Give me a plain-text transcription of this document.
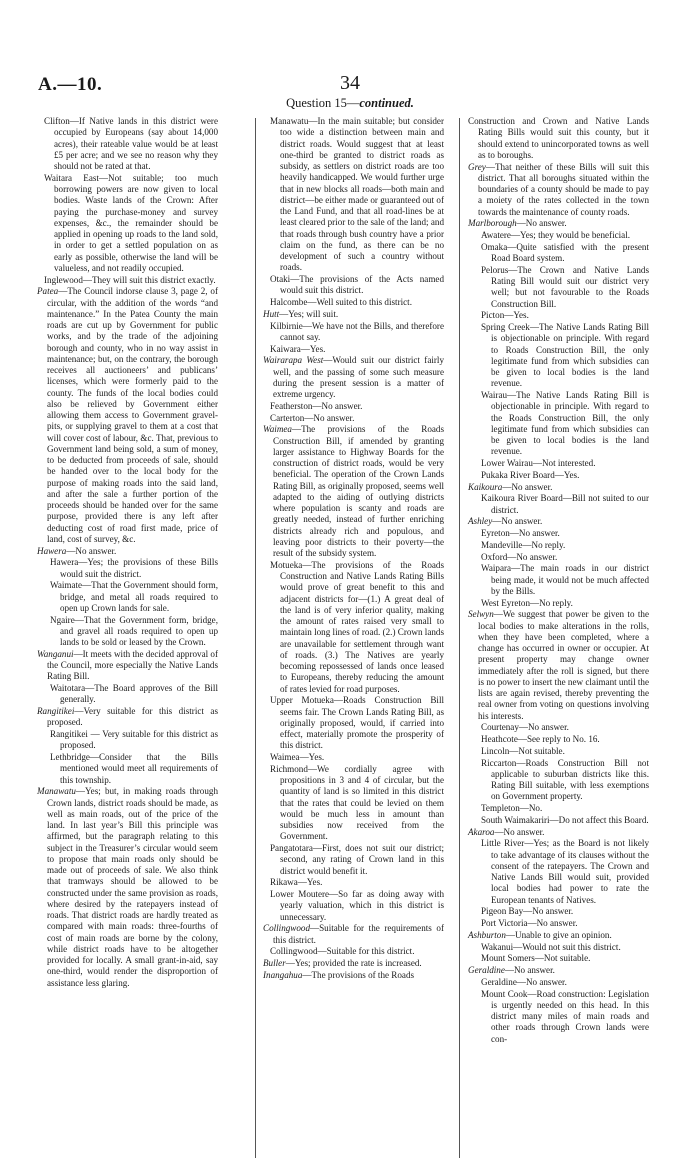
A.—10.	34
Question 15—continued.
Clifton—If Native lands in this district were occupied by Europeans (say about 14,000 acres), their rateable value would be at least £5 per acre; and we see no reason why they should not be rated at that.
Waitara East—Not suitable; too much borrowing powers are now given to local bodies. Waste lands of the Crown: After paying the purchase-money and survey expenses, &c., the remainder should be applied in opening up roads to the land sold, in order to get a settled population on as early as possible, otherwise the land will be valueless, and not readily occupied.
Inglewood—They will suit this district exactly.
Patea—The Council indorse clause 3, page 2, of circular, with the addition of the words “and maintenance.” In the Patea County the main roads are cut up by Government for public works, and by the trade of the adjoining borough and county, who in no way assist in maintenance; but, on the contrary, the borough receives all auctioneers’ and publicans’ licenses, which were formerly paid to the county. The funds of the local bodies could also be relieved by Government either allowing them access to Government gravel-pits, or supplying gravel to them at a cost that will cover cost of labour, &c. That, previous to Government land being sold, a sum of money, to be deducted from proceeds of sale, should be handed over to the local body for the purpose of making roads into the said land, and after the sale a further portion of the proceeds should be handed over for the same purpose, provided there is any left after deducting cost of road first made, price of land, cost of survey, &c.
Hawera—No answer.
Hawera—Yes; the provisions of these Bills would suit the district.
Waimate—That the Government should form, bridge, and metal all roads required to open up Crown lands for sale.
Ngaire—That the Government form, bridge, and gravel all roads required to open up lands to be sold or leased by the Crown.
Wanganui—It meets with the decided approval of the Council, more especially the Native Lands Rating Bill.
Waitotara—The Board approves of the Bill generally.
Rangitikei—Very suitable for this district as proposed.
Rangitikei — Very suitable for this district as proposed.
Lethbridge—Consider that the Bills mentioned would meet all requirements of this township.
Manawatu—Yes; but, in making roads through Crown lands, district roads should be made, as well as main roads, out of the price of the land. In last year’s Bill this principle was affirmed, but the paragraph relating to this subject in the Treasurer’s circular would seem to propose that main roads only should be made out of proceeds of sale. We also think that tramways should be allowed to be constructed under the same provision as roads, where desired by the ratepayers instead of roads. That district roads are hardly treated as compared with main roads: three-fourths of cost of main roads are borne by the colony, while district roads have to be altogether provided for locally. A small grant-in-aid, say one-third, would render the disproportion of assistance less glaring.
Manawatu—In the main suitable; but consider too wide a distinction between main and district roads. Would suggest that at least one-third be granted to district roads as subsidy, as settlers on district roads are too heavily handicapped. We would further urge that in new blocks all roads—both main and district—be either made or guaranteed out of the Land Fund, and that all road-lines be at least cleared prior to the sale of the land; and that roads through bush country have a prior claim on the fund, as there can be no development of such a country without roads.
Otaki—The provisions of the Acts named would suit this district.
Halcombe—Well suited to this district.
Hutt—Yes; will suit.
Kilbirnie—We have not the Bills, and therefore cannot say.
Kaiwara—Yes.
Wairarapa West—Would suit our district fairly well, and the passing of some such measure during the present session is a matter of extreme urgency.
Featherston—No answer.
Carterton—No answer.
Waimea—The provisions of the Roads Construction Bill, if amended by granting larger assistance to Highway Boards for the construction of district roads, would be very beneficial. The operation of the Crown Lands Rating Bill, as originally proposed, seems well adapted to the aiding of outlying districts where population is scanty and roads are greatly needed, instead of further enriching districts already rich and populous, and leaving poor districts to their poverty—the result of the subsidy system.
Motueka—The provisions of the Roads Construction and Native Lands Rating Bills would prove of great benefit to this and adjacent districts for—(1.) A great deal of the land is of very inferior quality, making the amount of rates raised very small to maintain long lines of road. (2.) Crown lands are unavailable for settlement through want of roads. (3.) The Natives are yearly becoming repossessed of lands once leased to Europeans, thereby reducing the amount of rates levied for road purposes.
Upper Motueka—Roads Construction Bill seems fair. The Crown Lands Rating Bill, as originally proposed, would, if carried into effect, materially promote the prosperity of this district.
Waimea—Yes.
Richmond—We cordially agree with propositions in 3 and 4 of circular, but the quantity of land is so limited in this district that the rates that could be levied on them would be much less in amount than subsidies now received from the Government.
Pangatotara—First, does not suit our district; second, any rating of Crown land in this district would benefit it.
Rikawa—Yes.
Lower Moutere—So far as doing away with yearly valuation, which in this district is unnecessary.
Collingwood—Suitable for the requirements of this district.
Collingwood—Suitable for this district.
Buller—Yes; provided the rate is increased.
Inangahua—The provisions of the Roads
Construction and Crown and Native Lands Rating Bills would suit this county, but it should extend to unincorporated towns as well as to boroughs.
Grey—That neither of these Bills will suit this district. That all boroughs situated within the boundaries of a county should be made to pay a moiety of the rates collected in the town towards the maintenance of county roads.
Marlborough—No answer.
Awatere—Yes; they would be beneficial.
Omaka—Quite satisfied with the present Road Board system.
Pelorus—The Crown and Native Lands Rating Bill would suit our district very well; but not favourable to the Roads Construction Bill.
Picton—Yes.
Spring Creek—The Native Lands Rating Bill is objectionable on principle. With regard to Roads Construction Bill, the only legitimate fund from which subsidies can be given to local bodies is the land revenue.
Wairau—The Native Lands Rating Bill is objectionable in principle. With regard to the Roads Construction Bill, the only legitimate fund from which subsidies can be given to local bodies is the land revenue.
Lower Wairau—Not interested.
Pukaka River Board—Yes.
Kaikoura—No answer.
Kaikoura River Board—Bill not suited to our district.
Ashley—No answer.
Eyreton—No answer.
Mandeville—No reply.
Oxford—No answer.
Waipara—The main roads in our district being made, it would not be much affected by the Bills.
West Eyreton—No reply.
Selwyn—We suggest that power be given to the local bodies to make alterations in the rolls, when they have been completed, where a change has occurred in owner or occupier. At present property may change owner immediately after the roll is signed, but there is no power to insert the new claimant until the lists are again revised, thereby preventing the real owner from voting on questions involving his interests.
Courtenay—No answer.
Heathcote—See reply to No. 16.
Lincoln—Not suitable.
Riccarton—Roads Construction Bill not applicable to suburban districts like this. Rating Bill suitable, with less exemptions on Government property.
Templeton—No.
South Waimakariri—Do not affect this Board.
Akaroa—No answer.
Little River—Yes; as the Board is not likely to take advantage of its clauses without the consent of the ratepayers. The Crown and Native Lands Bill would suit, provided local bodies had power to rate the European tenants of Natives.
Pigeon Bay—No answer.
Port Victoria—No answer.
Ashburton—Unable to give an opinion.
Wakanui—Would not suit this district.
Mount Somers—Not suitable.
Geraldine—No answer.
Geraldine—No answer.
Mount Cook—Road construction: Legislation is urgently needed on this head. In this district many miles of main roads and other roads through Crown lands were con-
